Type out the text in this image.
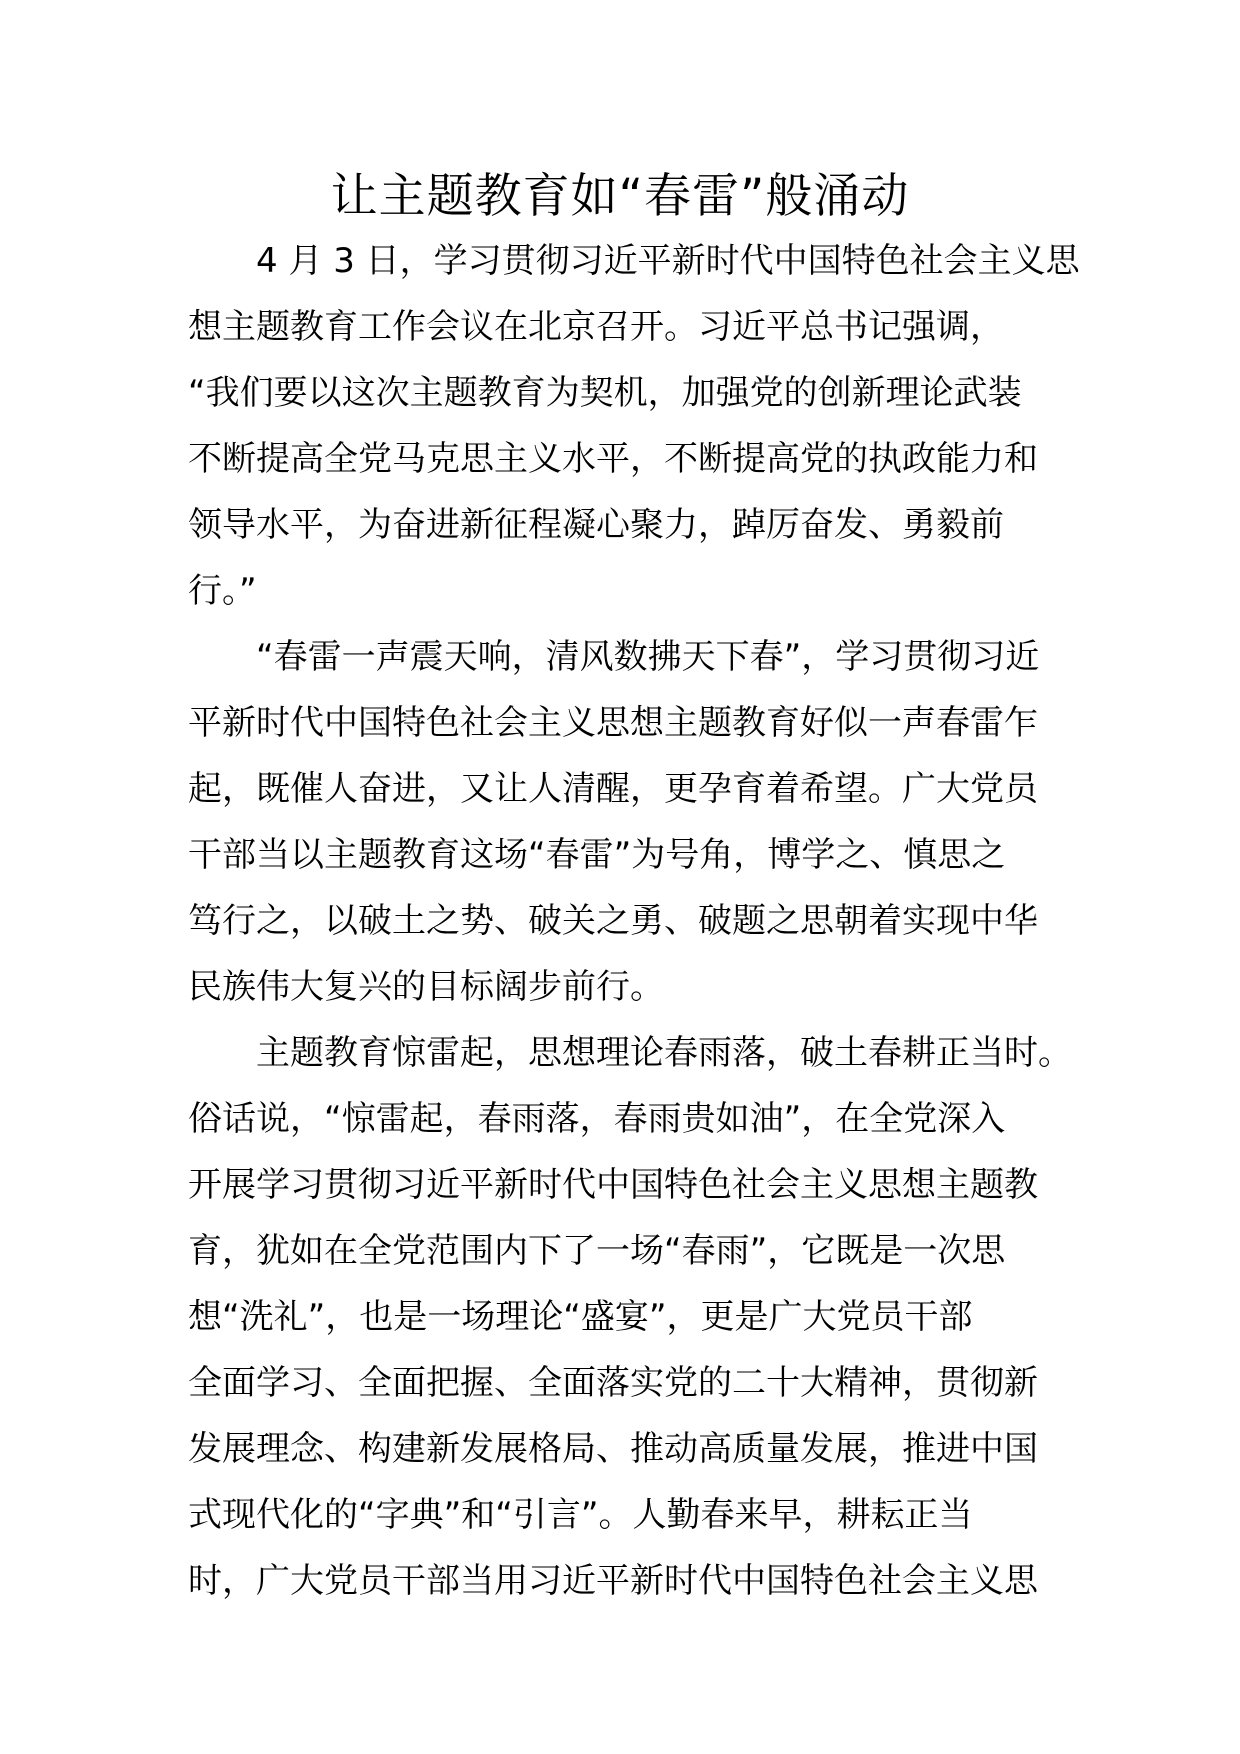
让主题教育如“春雷”般涌动
4 月 3 日，学习贯彻习近平新时代中国特色社会主义思
想主题教育工作会议在北京召开。习近平总书记强调，
“我们要以这次主题教育为契机，加强党的创新理论武装
不断提高全党马克思主义水平，不断提高党的执政能力和
领导水平，为奋进新征程凝心聚力，踔厉奋发、勇毅前
行。”
“春雷一声震天响，清风数拂天下春”，学习贯彻习近
平新时代中国特色社会主义思想主题教育好似一声春雷乍
起，既催人奋进，又让人清醒，更孕育着希望。广大党员
干部当以主题教育这场“春雷”为号角，博学之、慎思之
笃行之，以破土之势、破关之勇、破题之思朝着实现中华
民族伟大复兴的目标阔步前行。
主题教育惊雷起，思想理论春雨落，破土春耕正当时。
俗话说，“惊雷起，春雨落，春雨贵如油”，在全党深入
开展学习贯彻习近平新时代中国特色社会主义思想主题教
育，犹如在全党范围内下了一场“春雨”，它既是一次思
想“洗礼”，也是一场理论“盛宴”，更是广大党员干部
全面学习、全面把握、全面落实党的二十大精神，贯彻新
发展理念、构建新发展格局、推动高质量发展，推进中国
式现代化的“字典”和“引言”。人勤春来早，耕耘正当
时，广大党员干部当用习近平新时代中国特色社会主义思
